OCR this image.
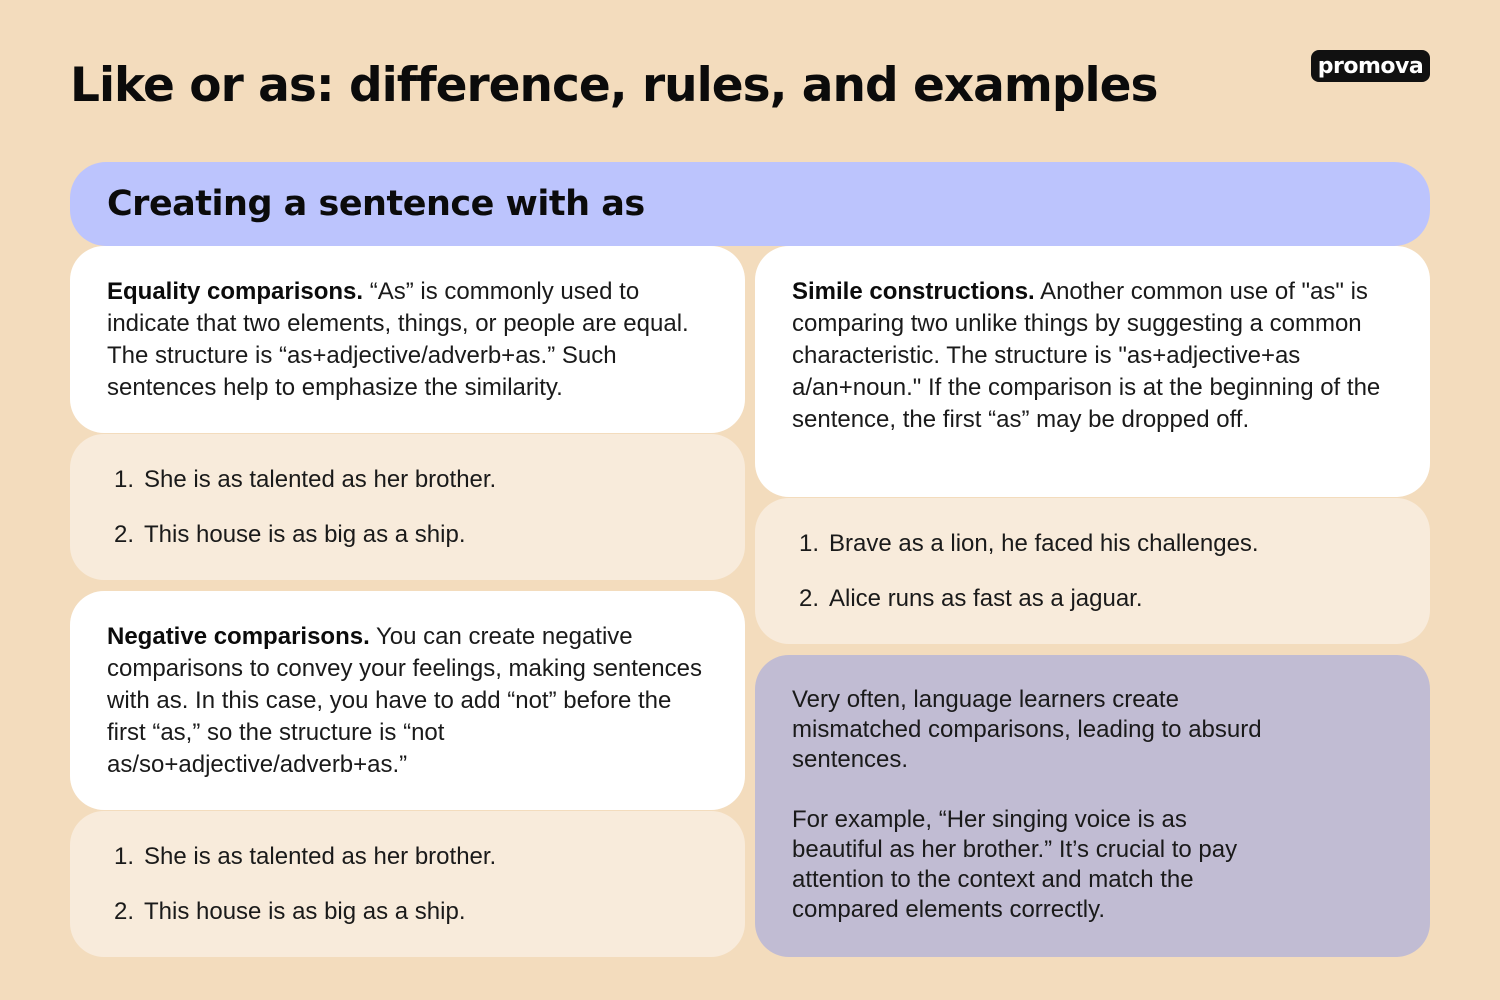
Like or as: difference, rules, and examples	promova
Creating a sentence with as

Equality comparisons. “As” is commonly used to indicate that two elements, things, or people are equal. The structure is “as+adjective/adverb+as.” Such sentences help to emphasize the similarity.

1. She is as talented as her brother.
2. This house is as big as a ship.

Negative comparisons. You can create negative comparisons to convey your feelings, making sentences with as. In this case, you have to add “not” before the first “as,” so the structure is “not as/so+adjective/adverb+as.”

1. She is as talented as her brother.
2. This house is as big as a ship.

Simile constructions. Another common use of "as" is comparing two unlike things by suggesting a common characteristic. The structure is "as+adjective+as a/an+noun." If the comparison is at the beginning of the sentence, the first “as” may be dropped off.

1. Brave as a lion, he faced his challenges.
2. Alice runs as fast as a jaguar.

Very often, language learners create mismatched comparisons, leading to absurd sentences.

For example, “Her singing voice is as beautiful as her brother.” It’s crucial to pay attention to the context and match the compared elements correctly.
